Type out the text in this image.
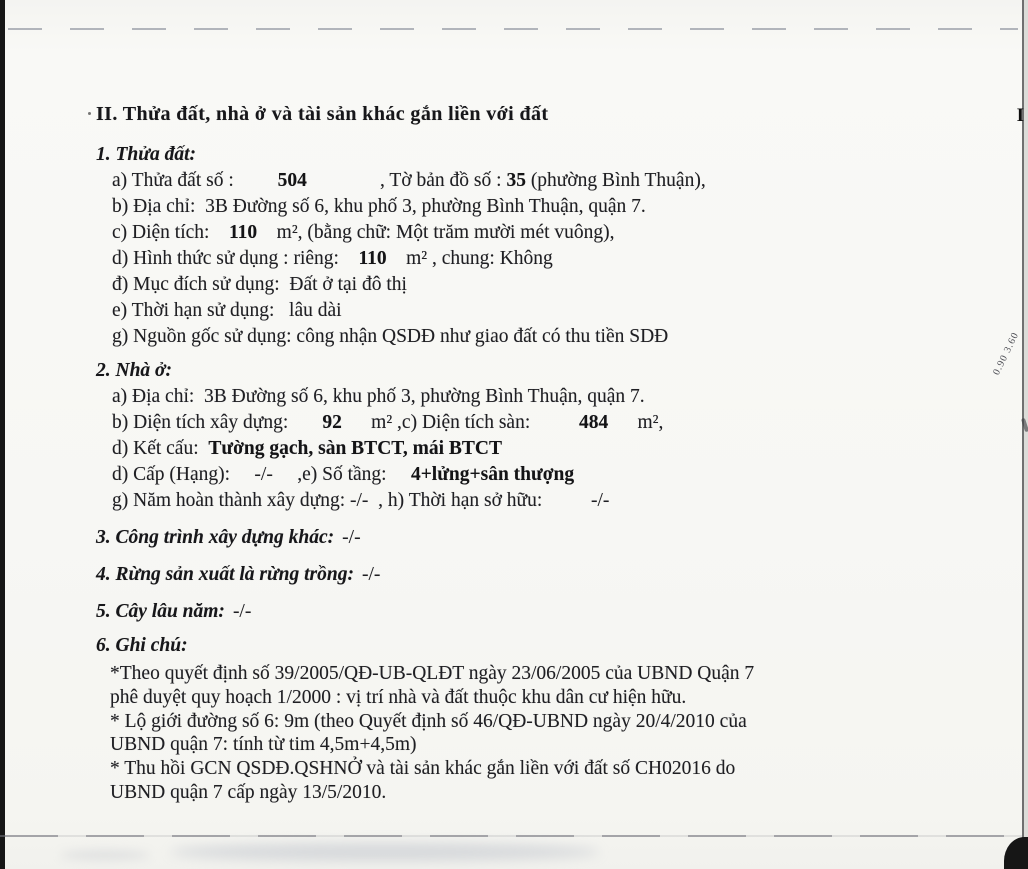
I
0.90 3.60
II. Thửa đất, nhà ở và tài sản khác gắn liền với đất
1. Thửa đất:
a) Thửa đất số :         504               , Tờ bản đồ số : 35 (phường Bình Thuận),
b) Địa chỉ:  3B Đường số 6, khu phố 3, phường Bình Thuận, quận 7.
c) Diện tích:    110    m², (bằng chữ: Một trăm mười mét vuông),
d) Hình thức sử dụng : riêng:    110    m² , chung: Không
đ) Mục đích sử dụng:  Đất ở tại đô thị
e) Thời hạn sử dụng:   lâu dài
g) Nguồn gốc sử dụng: công nhận QSDĐ như giao đất có thu tiền SDĐ
2. Nhà ở:
a) Địa chỉ:  3B Đường số 6, khu phố 3, phường Bình Thuận, quận 7.
b) Diện tích xây dựng:       92      m² ,c) Diện tích sàn:          484      m²,
d) Kết cấu:  Tường gạch, sàn BTCT, mái BTCT
d) Cấp (Hạng):     -/-     ,e) Số tầng:     4+lửng+sân thượng
g) Năm hoàn thành xây dựng: -/-  , h) Thời hạn sở hữu:          -/-
3. Công trình xây dựng khác: -/-
4. Rừng sản xuất là rừng trồng: -/-
5. Cây lâu năm: -/-
6. Ghi chú:
*Theo quyết định số 39/2005/QĐ-UB-QLĐT ngày 23/06/2005 của UBND Quận 7
phê duyệt quy hoạch 1/2000 : vị trí nhà và đất thuộc khu dân cư hiện hữu.
* Lộ giới đường số 6: 9m (theo Quyết định số 46/QĐ-UBND ngày 20/4/2010 của
UBND quận 7: tính từ tim 4,5m+4,5m)
* Thu hồi GCN QSDĐ.QSHNỞ và tài sản khác gắn liền với đất số CH02016 do
UBND quận 7 cấp ngày 13/5/2010.
